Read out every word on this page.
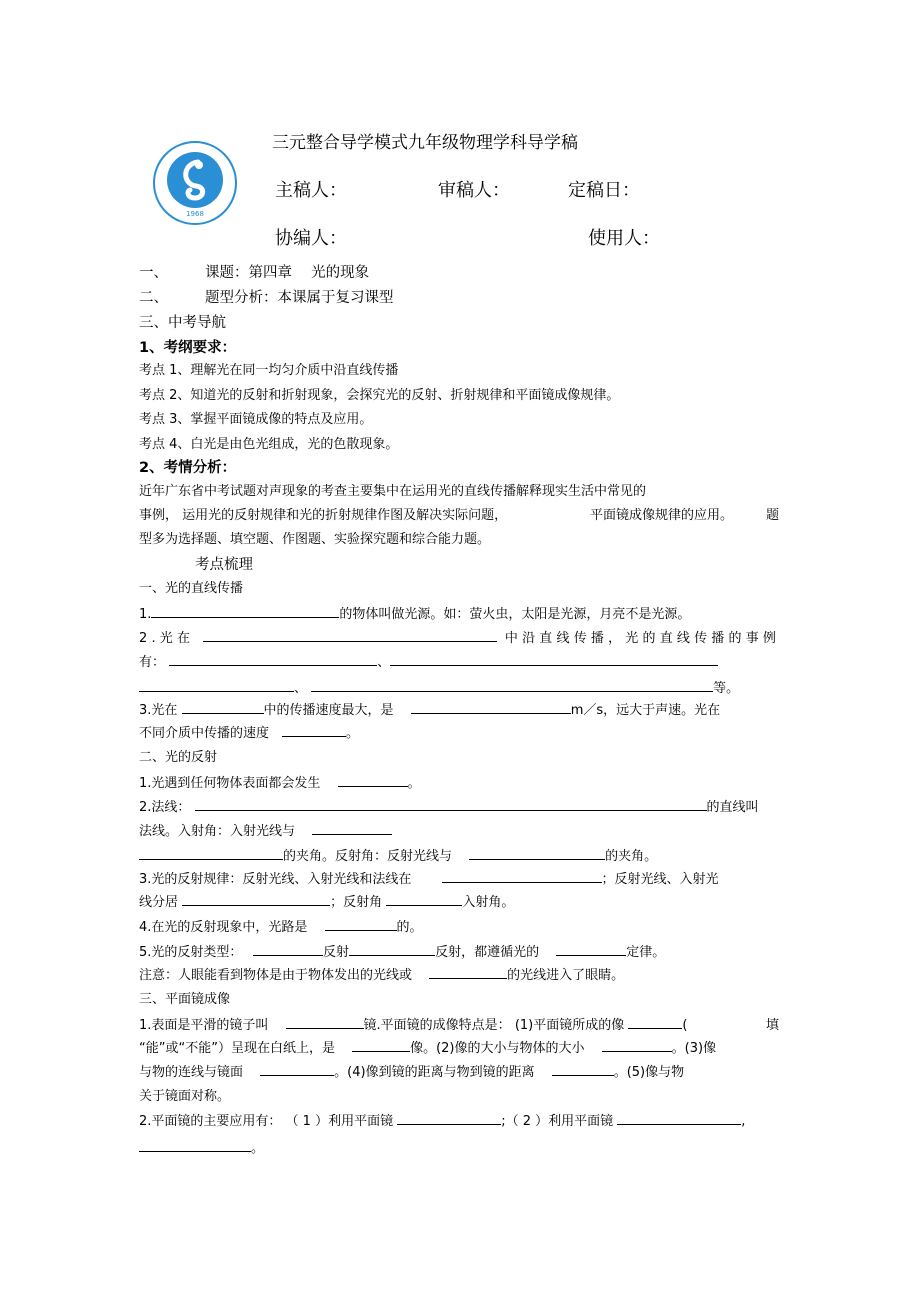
1968
三元整合导学模式九年级物理学科导学稿
主稿人：	审稿人：	定稿日：
协编人：	使用人：
一、	课题：第四章　 光的现象
二、	题型分析：本课属于复习课型
三、中考导航
1、考纲要求：
考点 1、理解光在同一均匀介质中沿直线传播
考点 2、知道光的反射和折射现象，会探究光的反射、折射规律和平面镜成像规律。
考点 3、掌握平面镜成像的特点及应用。
考点 4、白光是由色光组成，光的色散现象。
2、考情分析：
近年广东省中考试题对声现象的考查主要集中在运用光的直线传播解释现实生活中常见的
事例， 运用光的反射规律和光的折射规律作图及解决实际问题，	平面镜成像规律的应用。	题
型多为选择题、填空题、作图题、实验探究题和综合能力题。
考点梳理
一、光的直线传播
1.	的物体叫做光源。如：萤火虫，太阳是光源，月亮不是光源。
2.光在	中沿直线传播，光的直线传播的事例
有：	、
、	等。
3.光在	中的传播速度最大，是　	m／s，远大于声速。光在
不同介质中传播的速度　	。
二、光的反射
1.光遇到任何物体表面都会发生　	。
2.法线：	的直线叫
法线。入射角：入射光线与　
的夹角。反射角：反射光线与　	的夹角。
3.光的反射规律：反射光线、入射光线和法线在　　	；反射光线、入射光
线分居	；反射角	入射角。
4.在光的反射现象中，光路是　	的。
5.光的反射类型：　	反射	反射，都遵循光的　	定律。
注意：人眼能看到物体是由于物体发出的光线或　	的光线进入了眼睛。
三、平面镜成像
1.表面是平滑的镜子叫　	镜.平面镜的成像特点是： (1)平面镜所成的像	(	填
“能”或“不能”）呈现在白纸上，是　	像。(2)像的大小与物体的大小　	。(3)像
与物的连线与镜面　	。(4)像到镜的距离与物到镜的距离　	。(5)像与物
关于镜面对称。
2.平面镜的主要应用有： （ 1 ）利用平面镜	;（ 2 ）利用平面镜	,
。
